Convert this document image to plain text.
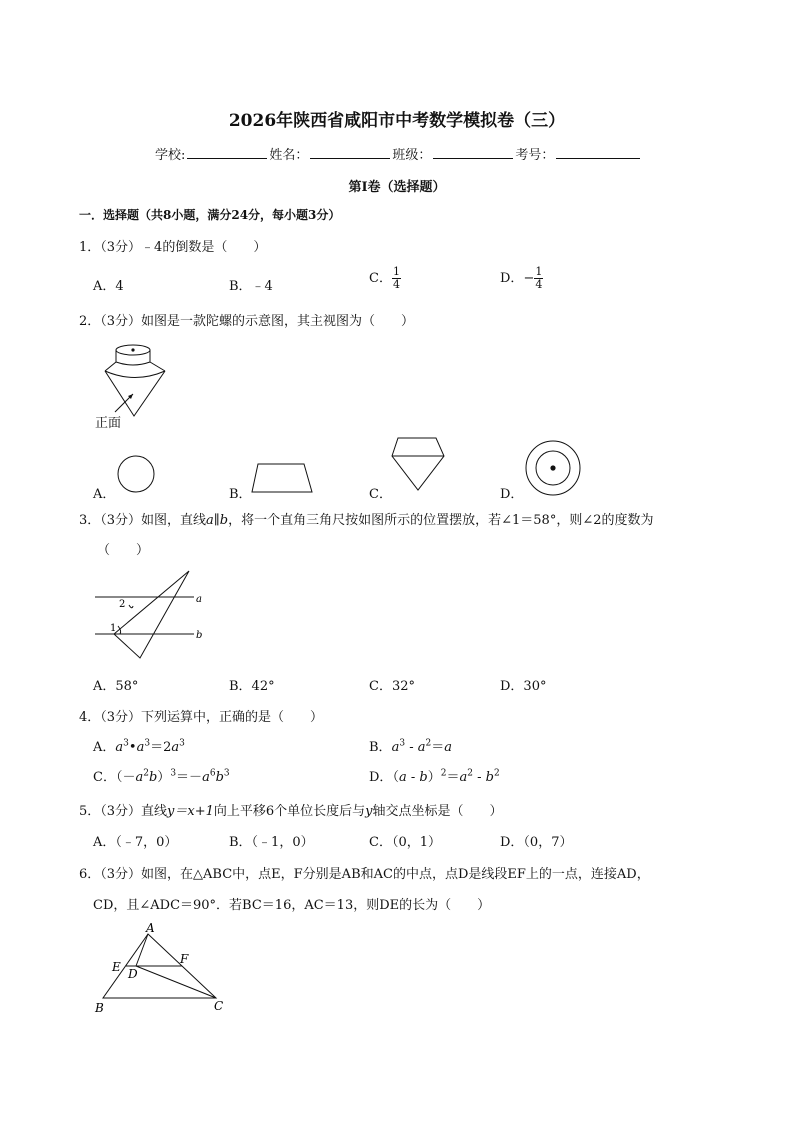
2026年陕西省咸阳市中考数学模拟卷（三）
学校:	姓名：	班级：	考号：
第Ⅰ卷（选择题）
一．选择题（共8小题，满分24分，每小题3分）
1．（3分）﹣4的倒数是（　　）
A．4	B．﹣4
C． $\frac{1}{4}$	D．− $\frac{1}{4}$
2．（3分）如图是一款陀螺的示意图，其主视图为（　　）
正面
A．	B．	C．	D．
3．（3分）如图，直线a∥b，将一个直角三角尺按如图所示的位置摆放，若∠1＝58°，则∠2的度数为
（　　）
a
b
2
1
A．58°	B．42°	C．32°	D．30°
4．（3分）下列运算中，正确的是（　　）
A．$a^3•a^3=2a^3$	B．$a^3 - a^2=a$
C．$(-a^2b)^3=-a^6b^3$	D．$(a - b)^2=a^2 - b^2$
5．（3分）直线y＝x+1向上平移6个单位长度后与y轴交点坐标是（　　）
A．（﹣7，0）	B．（﹣1，0）	C．（0，1）	D．（0，7）
6．（3分）如图，在△ABC中，点E，F分别是AB和AC的中点，点D是线段EF上的一点，连接AD，
CD，且∠ADC＝90°．若BC＝16，AC＝13，则DE的长为（　　）
A
B	C
D
E
F
